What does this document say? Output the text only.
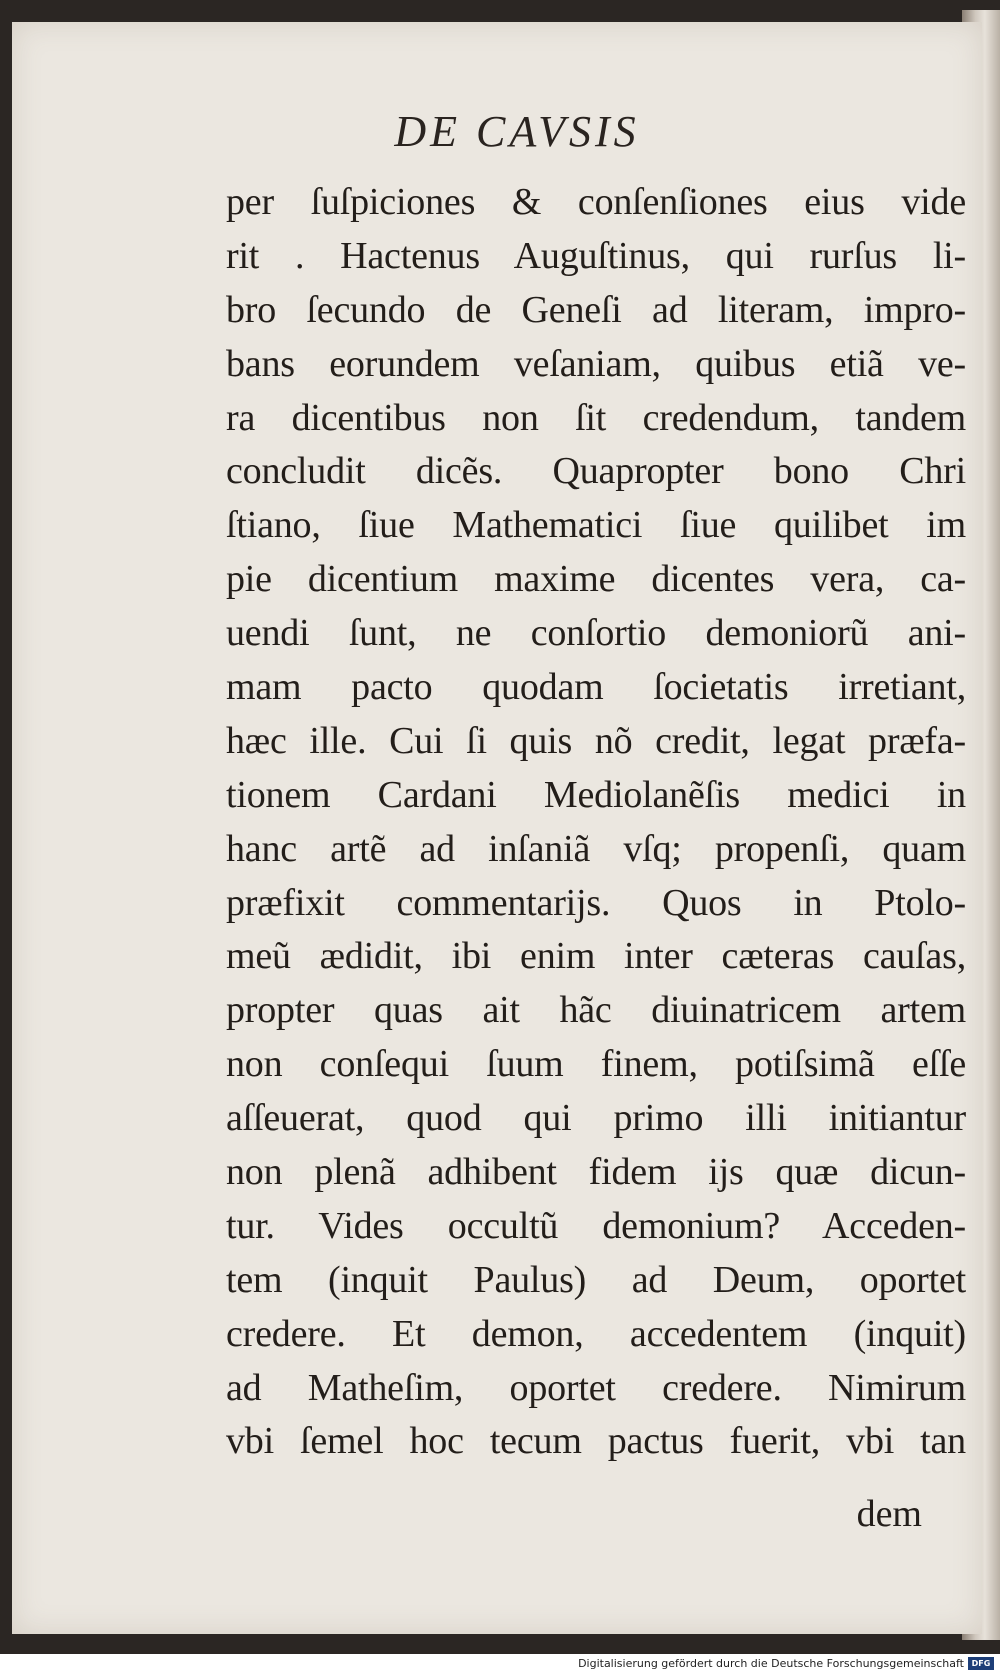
DE CAVSIS
per ſuſpiciones & conſenſiones eius vide
rit . Hactenus Auguſtinus, qui rurſus li-
bro ſecundo de Geneſi ad literam, impro-
bans eorundem veſaniam, quibus etiã ve-
ra dicentibus non ſit credendum, tandem
concludit dicẽs. Quapropter bono Chri
ſtiano, ſiue Mathematici ſiue quilibet im
pie dicentium maxime dicentes vera, ca-
uendi ſunt, ne conſortio demoniorũ ani-
mam pacto quodam ſocietatis irretiant,
hæc ille. Cui ſi quis nõ credit, legat præfa-
tionem Cardani Mediolanẽſis medici in
hanc artẽ ad inſaniã vſq; propenſi, quam
præfixit commentarijs. Quos in Ptolo-
meũ ædidit, ibi enim inter cæteras cauſas,
propter quas ait hãc diuinatricem artem
non conſequi ſuum finem, potiſsimã eſſe
aſſeuerat, quod qui primo illi initiantur
non plenã adhibent fidem ijs quæ dicun-
tur. Vides occultũ demonium? Acceden-
tem (inquit Paulus) ad Deum, oportet
credere. Et demon, accedentem (inquit)
ad Matheſim, oportet credere. Nimirum
vbi ſemel hoc tecum pactus fuerit, vbi tan
dem
Digitalisierung gefördert durch die Deutsche Forschungsgemeinschaft DFG
